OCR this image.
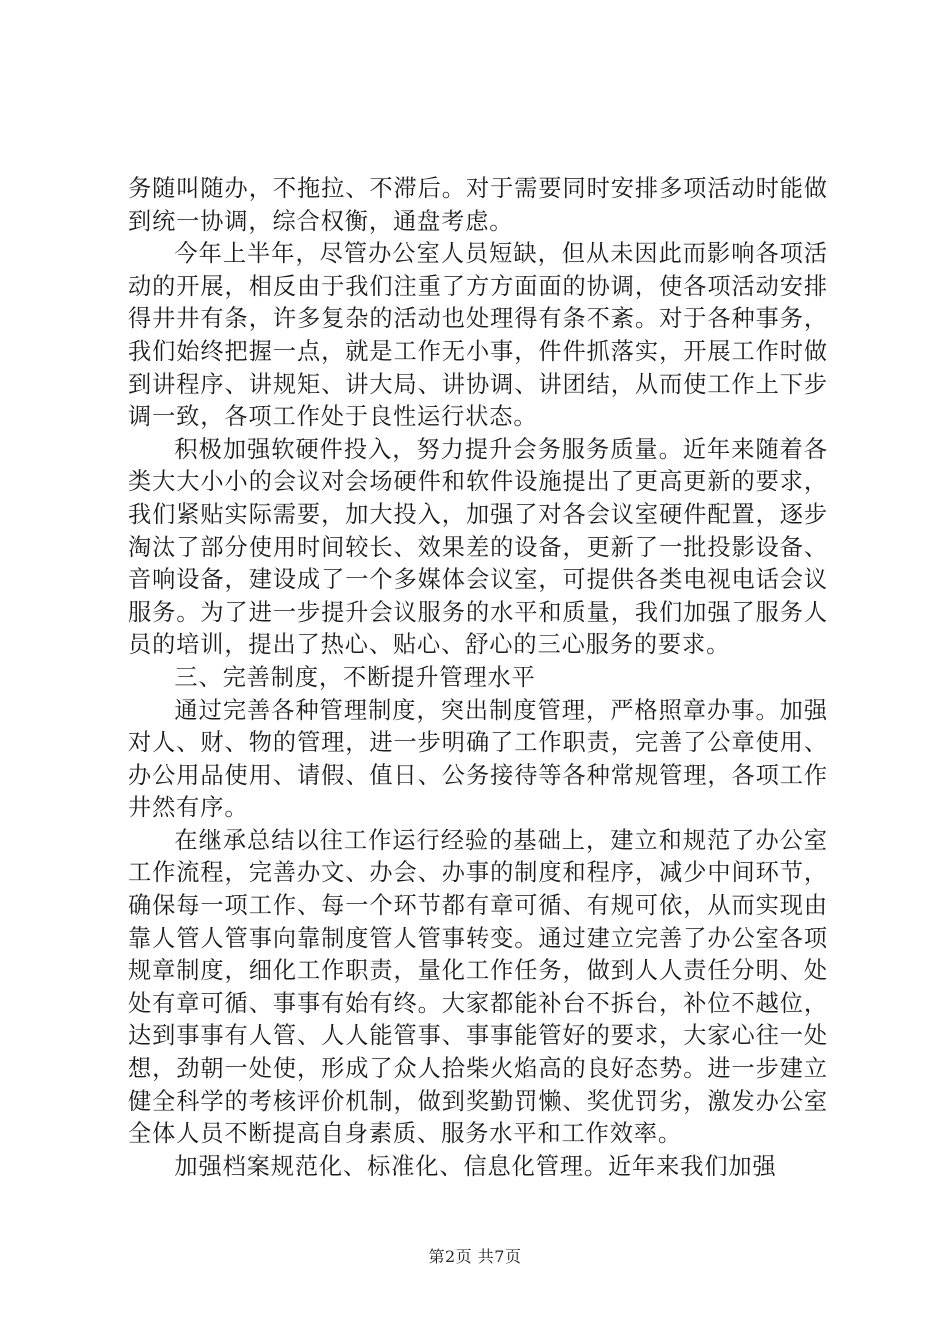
务随叫随办，不拖拉、不滞后。对于需要同时安排多项活动时能做到统一协调，综合权衡，通盘考虑。

今年上半年，尽管办公室人员短缺，但从未因此而影响各项活动的开展，相反由于我们注重了方方面面的协调，使各项活动安排得井井有条，许多复杂的活动也处理得有条不紊。对于各种事务，我们始终把握一点，就是工作无小事，件件抓落实，开展工作时做到讲程序、讲规矩、讲大局、讲协调、讲团结，从而使工作上下步调一致，各项工作处于良性运行状态。

积极加强软硬件投入，努力提升会务服务质量。近年来随着各类大大小小的会议对会场硬件和软件设施提出了更高更新的要求，我们紧贴实际需要，加大投入，加强了对各会议室硬件配置，逐步淘汰了部分使用时间较长、效果差的设备，更新了一批投影设备、音响设备，建设成了一个多媒体会议室，可提供各类电视电话会议服务。为了进一步提升会议服务的水平和质量，我们加强了服务人员的培训，提出了热心、贴心、舒心的三心服务的要求。

三、完善制度，不断提升管理水平

通过完善各种管理制度，突出制度管理，严格照章办事。加强对人、财、物的管理，进一步明确了工作职责，完善了公章使用、办公用品使用、请假、值日、公务接待等各种常规管理，各项工作井然有序。

在继承总结以往工作运行经验的基础上，建立和规范了办公室工作流程，完善办文、办会、办事的制度和程序，减少中间环节，确保每一项工作、每一个环节都有章可循、有规可依，从而实现由靠人管人管事向靠制度管人管事转变。通过建立完善了办公室各项规章制度，细化工作职责，量化工作任务，做到人人责任分明、处处有章可循、事事有始有终。大家都能补台不拆台，补位不越位，达到事事有人管、人人能管事、事事能管好的要求，大家心往一处想，劲朝一处使，形成了众人拾柴火焰高的良好态势。进一步建立健全科学的考核评价机制，做到奖勤罚懒、奖优罚劣，激发办公室全体人员不断提高自身素质、服务水平和工作效率。

加强档案规范化、标准化、信息化管理。近年来我们加强

第2页 共7页
